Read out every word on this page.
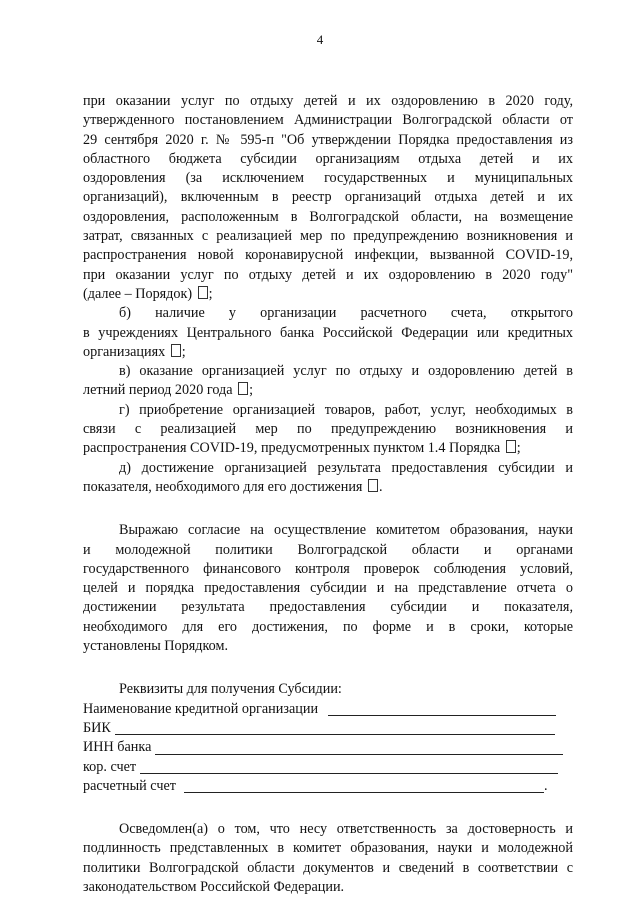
4
при оказании услуг по отдыху детей и их оздоровлению в 2020 году,
утвержденного постановлением Администрации Волгоградской области от
29 сентября 2020 г. № 595-п "Об утверждении Порядка предоставления из
областного бюджета субсидии организациям отдыха детей и их
оздоровления (за исключением государственных и муниципальных
организаций), включенным в реестр организаций отдыха детей и их
оздоровления, расположенным в Волгоградской области, на возмещение
затрат, связанных с реализацией мер по предупреждению возникновения и
распространения новой коронавирусной инфекции, вызванной COVID-19,
при оказании услуг по отдыху детей и их оздоровлению в 2020 году"
(далее – Порядок) ;
б) наличие у организации расчетного счета, открытого
в учреждениях Центрального банка Российской Федерации или кредитных
организациях ;
в) оказание организацией услуг по отдыху и оздоровлению детей в
летний период 2020 года ;
г) приобретение организацией товаров, работ, услуг, необходимых в
связи с реализацией мер по предупреждению возникновения и
распространения COVID-19, предусмотренных пунктом 1.4 Порядка ;
д) достижение организацией результата предоставления субсидии и
показателя, необходимого для его достижения .
Выражаю согласие на осуществление комитетом образования, науки
и молодежной политики Волгоградской области и органами
государственного финансового контроля проверок соблюдения условий,
целей и порядка предоставления субсидии и на представление отчета о
достижении результата предоставления субсидии и показателя,
необходимого для его достижения, по форме и в сроки, которые
установлены Порядком.
Реквизиты для получения Субсидии:
Наименование кредитной организации
БИК
ИНН банка
кор. счет
расчетный счет	.
Осведомлен(а) о том, что несу ответственность за достоверность и
подлинность представленных в комитет образования, науки и молодежной
политики Волгоградской области документов и сведений в соответствии с
законодательством Российской Федерации.
